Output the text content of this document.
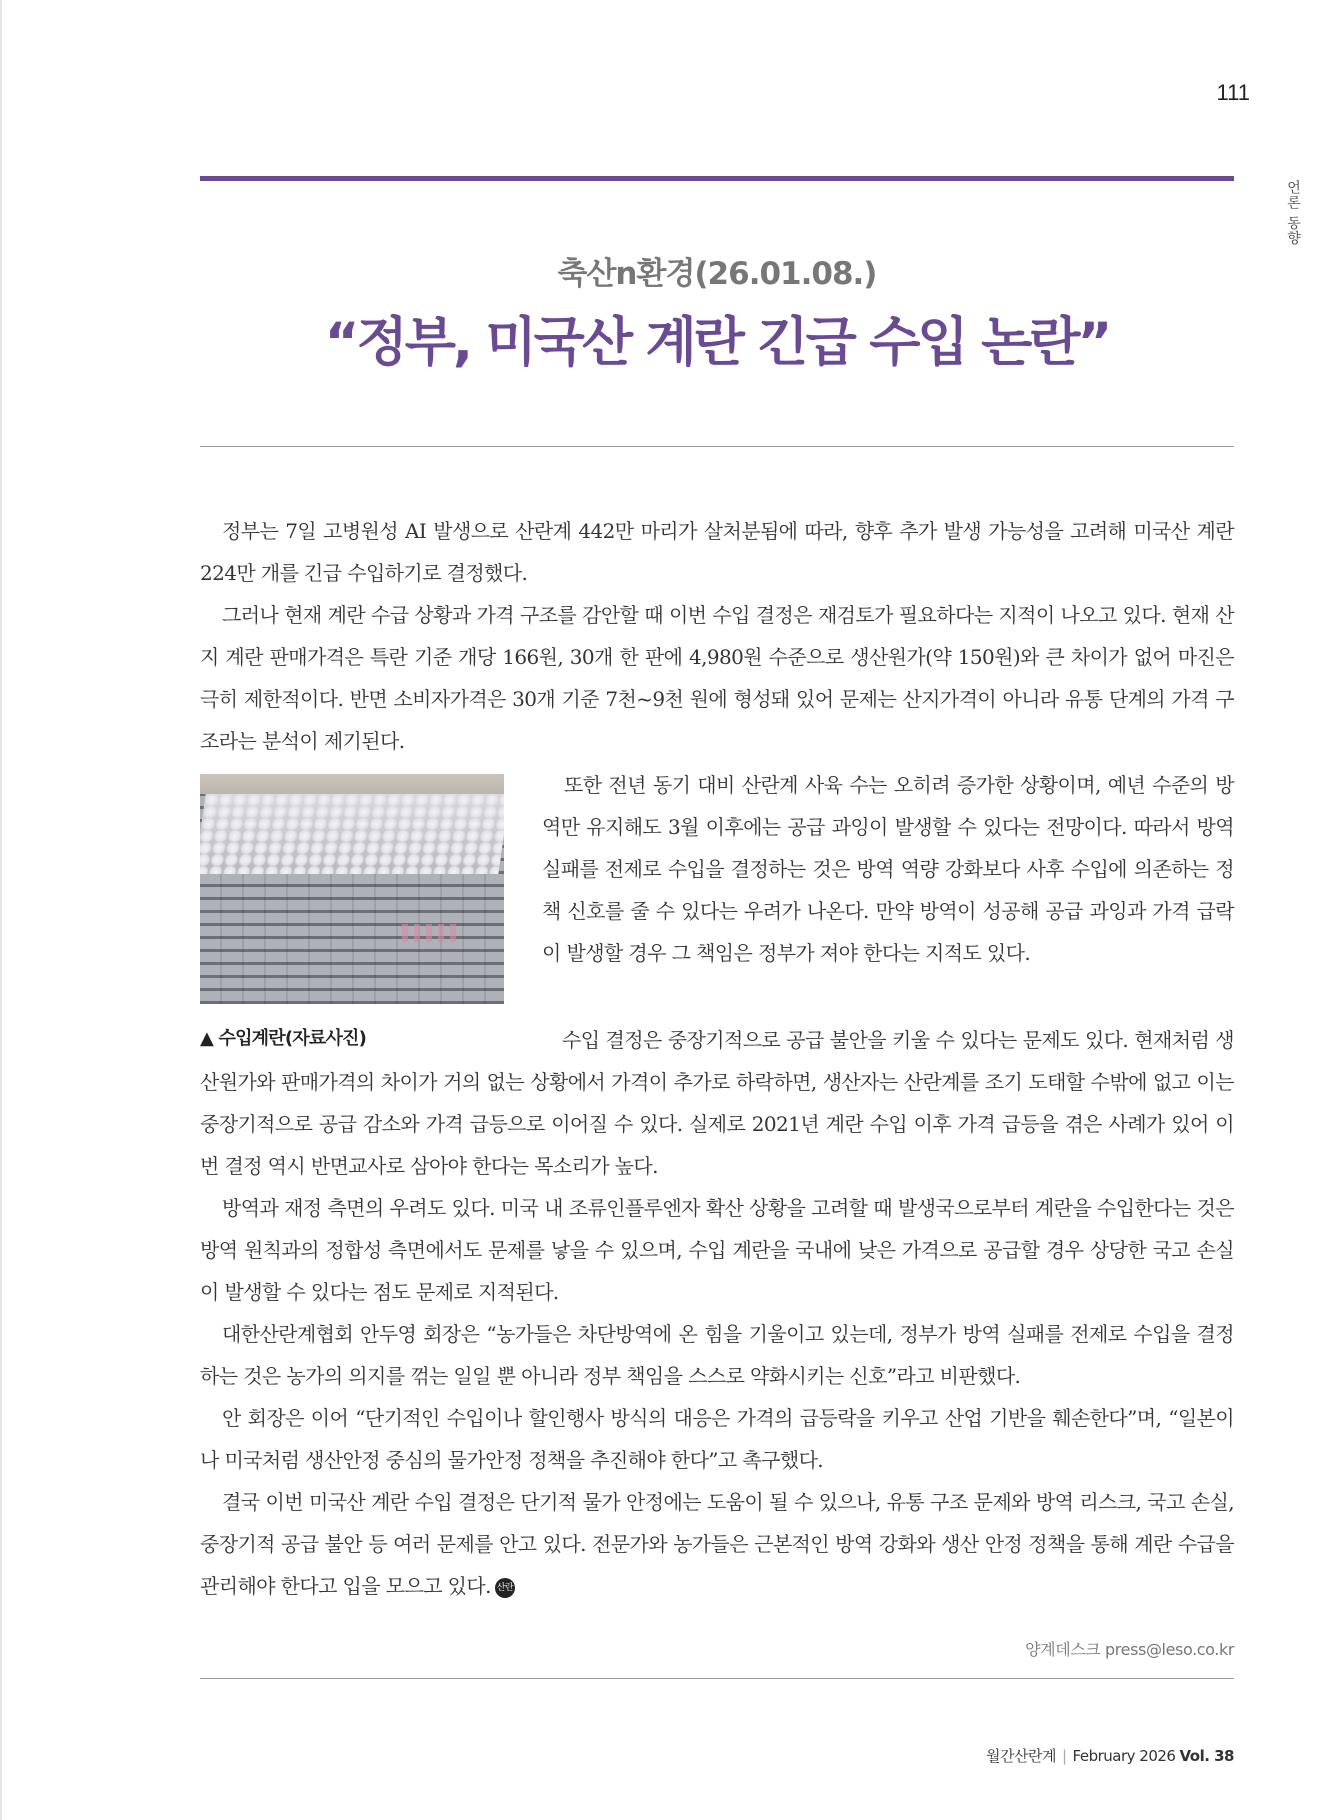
111
언론 동향
축산n환경(26.01.08.)
“정부, 미국산 계란 긴급 수입 논란”

정부는 7일 고병원성 AI 발생으로 산란계 442만 마리가 살처분됨에 따라, 향후 추가 발생 가능성을 고려해 미국산 계란 224만 개를 긴급 수입하기로 결정했다.

그러나 현재 계란 수급 상황과 가격 구조를 감안할 때 이번 수입 결정은 재검토가 필요하다는 지적이 나오고 있다. 현재 산지 계란 판매가격은 특란 기준 개당 166원, 30개 한 판에 4,980원 수준으로 생산원가(약 150원)와 큰 차이가 없어 마진은 극히 제한적이다. 반면 소비자가격은 30개 기준 7천~9천 원에 형성돼 있어 문제는 산지가격이 아니라 유통 단계의 가격 구조라는 분석이 제기된다.

▲ 수입계란(자료사진)

또한 전년 동기 대비 산란계 사육 수는 오히려 증가한 상황이며, 예년 수준의 방역만 유지해도 3월 이후에는 공급 과잉이 발생할 수 있다는 전망이다. 따라서 방역 실패를 전제로 수입을 결정하는 것은 방역 역량 강화보다 사후 수입에 의존하는 정책 신호를 줄 수 있다는 우려가 나온다. 만약 방역이 성공해 공급 과잉과 가격 급락이 발생할 경우 그 책임은 정부가 져야 한다는 지적도 있다.

수입 결정은 중장기적으로 공급 불안을 키울 수 있다는 문제도 있다. 현재처럼 생산원가와 판매가격의 차이가 거의 없는 상황에서 가격이 추가로 하락하면, 생산자는 산란계를 조기 도태할 수밖에 없고 이는 중장기적으로 공급 감소와 가격 급등으로 이어질 수 있다. 실제로 2021년 계란 수입 이후 가격 급등을 겪은 사례가 있어 이번 결정 역시 반면교사로 삼아야 한다는 목소리가 높다.

방역과 재정 측면의 우려도 있다. 미국 내 조류인플루엔자 확산 상황을 고려할 때 발생국으로부터 계란을 수입한다는 것은 방역 원칙과의 정합성 측면에서도 문제를 낳을 수 있으며, 수입 계란을 국내에 낮은 가격으로 공급할 경우 상당한 국고 손실이 발생할 수 있다는 점도 문제로 지적된다.

대한산란계협회 안두영 회장은 “농가들은 차단방역에 온 힘을 기울이고 있는데, 정부가 방역 실패를 전제로 수입을 결정하는 것은 농가의 의지를 꺾는 일일 뿐 아니라 정부 책임을 스스로 약화시키는 신호”라고 비판했다.

안 회장은 이어 “단기적인 수입이나 할인행사 방식의 대응은 가격의 급등락을 키우고 산업 기반을 훼손한다”며, “일본이나 미국처럼 생산안정 중심의 물가안정 정책을 추진해야 한다”고 촉구했다.

결국 이번 미국산 계란 수입 결정은 단기적 물가 안정에는 도움이 될 수 있으나, 유통 구조 문제와 방역 리스크, 국고 손실, 중장기적 공급 불안 등 여러 문제를 안고 있다. 전문가와 농가들은 근본적인 방역 강화와 생산 안정 정책을 통해 계란 수급을 관리해야 한다고 입을 모으고 있다. 산란

양계데스크 press@leso.co.kr
월간산란계 | February 2026 Vol. 38
